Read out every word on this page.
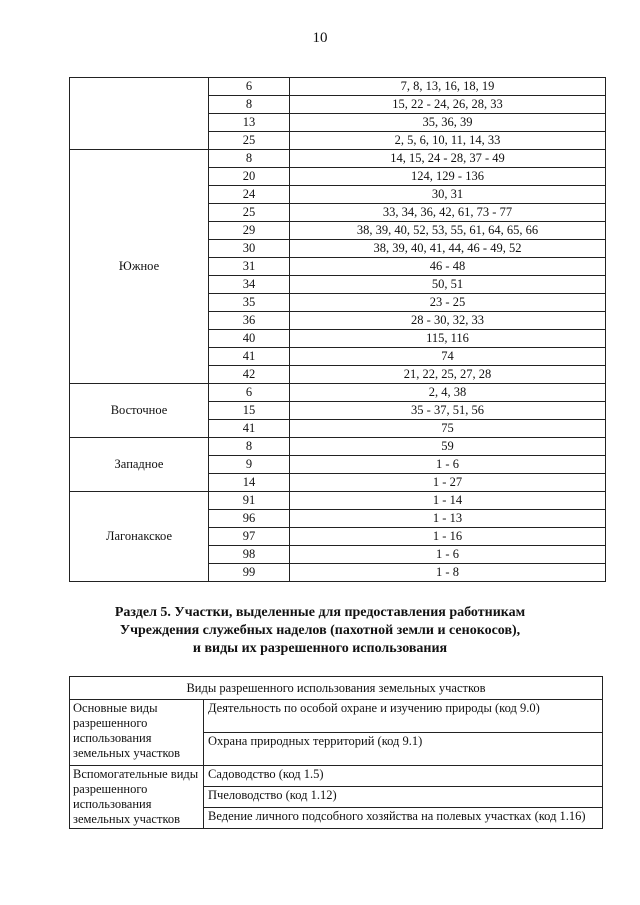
10
	6	7, 8, 13, 16, 18, 19
	8	15, 22 - 24, 26, 28, 33
	13	35, 36, 39
	25	2, 5, 6, 10, 11, 14, 33
Южное	8	14, 15, 24 - 28, 37 - 49
	20	124, 129 - 136
	24	30, 31
	25	33, 34, 36, 42, 61, 73 - 77
	29	38, 39, 40, 52, 53, 55, 61, 64, 65, 66
	30	38, 39, 40, 41, 44, 46 - 49, 52
	31	46 - 48
	34	50, 51
	35	23 - 25
	36	28 - 30, 32, 33
	40	115, 116
	41	74
	42	21, 22, 25, 27, 28
Восточное	6	2, 4, 38
	15	35 - 37, 51, 56
	41	75
Западное	8	59
	9	1 - 6
	14	1 - 27
Лагонакское	91	1 - 14
	96	1 - 13
	97	1 - 16
	98	1 - 6
	99	1 - 8
Раздел 5. Участки, выделенные для предоставления работникам
Учреждения служебных наделов (пахотной земли и сенокосов),
и виды их разрешенного использования
Виды разрешенного использования земельных участков	
Основные виды разрешенного использования земельных участков	Деятельность по особой охране и изучению природы (код 9.0)
	Охрана природных территорий (код 9.1)
Вспомогательные виды разрешенного использования земельных участков	Садоводство (код 1.5)
	Пчеловодство (код 1.12)
	Ведение личного подсобного хозяйства на полевых участках (код 1.16)
